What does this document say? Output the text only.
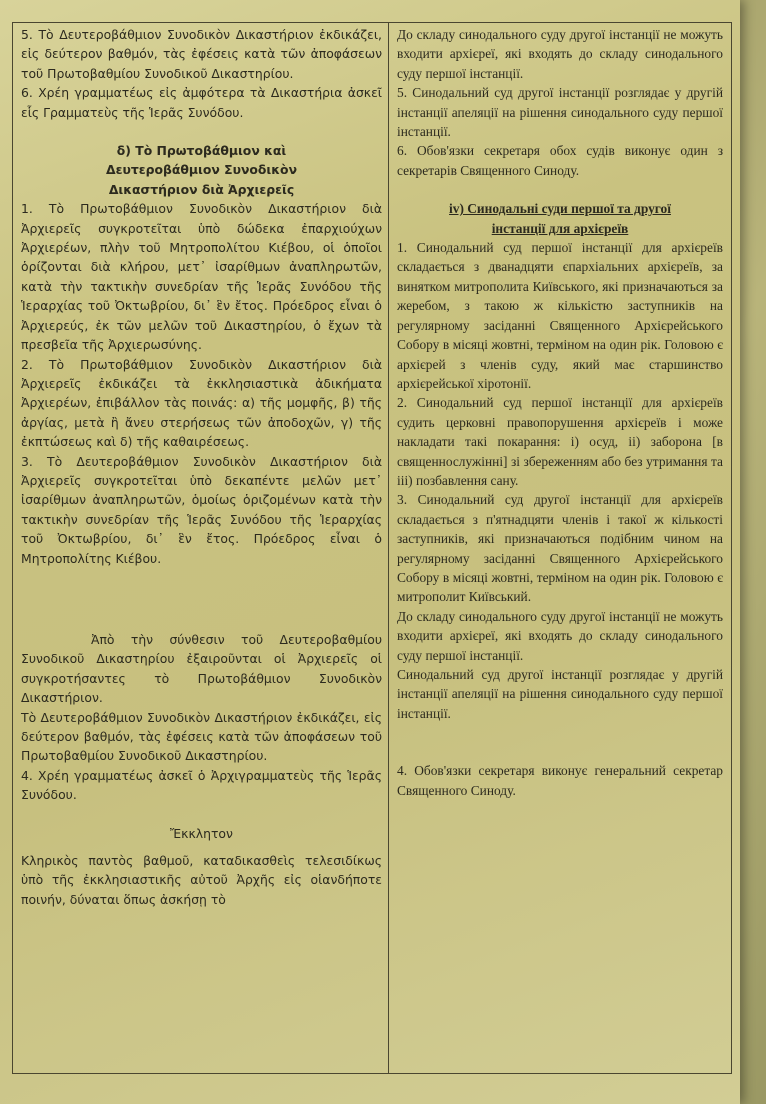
5. Τὸ Δευτεροβάθμιον Συνοδικὸν Δικαστήριον ἐκδικάζει, εἰς δεύτερον βαθμόν, τὰς ἐφέσεις κατὰ τῶν ἀποφάσεων τοῦ Πρωτοβαθμίου Συνοδικοῦ Δικαστηρίου.

6. Χρέη γραμματέως εἰς ἀμφότερα τὰ Δικαστήρια ἀσκεῖ εἷς Γραμματεὺς τῆς Ἱερᾶς Συνόδου.

δ) Τὸ Πρωτοβάθμιον καὶ Δευτεροβάθμιον Συνοδικὸν Δικαστήριον διὰ Ἀρχιερεῖς

1. Τὸ Πρωτοβάθμιον Συνοδικὸν Δικαστήριον διὰ Ἀρχιερεῖς συγκροτεῖται ὑπὸ δώδεκα ἐπαρχιούχων Ἀρχιερέων, πλὴν τοῦ Μητροπολίτου Κιέβου, οἱ ὁποῖοι ὁρίζονται διὰ κλήρου, μετ᾽ ἰσαρίθμων ἀναπληρωτῶν, κατὰ τὴν τακτικὴν συνεδρίαν τῆς Ἱερᾶς Συνόδου τῆς Ἱεραρχίας τοῦ Ὀκτωβρίου, δι᾽ ἓν ἔτος. Πρόεδρος εἶναι ὁ Ἀρχιερεύς, ἐκ τῶν μελῶν τοῦ Δικαστηρίου, ὁ ἔχων τὰ πρεσβεῖα τῆς Ἀρχιερωσύνης.

2. Τὸ Πρωτοβάθμιον Συνοδικὸν Δικαστήριον διὰ Ἀρχιερεῖς ἐκδικάζει τὰ ἐκκλησιαστικὰ ἀδικήματα Ἀρχιερέων, ἐπιβάλλον τὰς ποινάς: α) τῆς μομφῆς, β) τῆς ἀργίας, μετὰ ἢ ἄνευ στερήσεως τῶν ἀποδοχῶν, γ) τῆς ἐκπτώσεως καὶ δ) τῆς καθαιρέσεως.

3. Τὸ Δευτεροβάθμιον Συνοδικὸν Δικαστήριον διὰ Ἀρχιερεῖς συγκροτεῖται ὑπὸ δεκαπέντε μελῶν μετ᾽ ἰσαρίθμων ἀναπληρωτῶν, ὁμοίως ὁριζομένων κατὰ τὴν τακτικὴν συνεδρίαν τῆς Ἱερᾶς Συνόδου τῆς Ἱεραρχίας τοῦ Ὀκτωβρίου, δι᾽ ἓν ἔτος. Πρόεδρος εἶναι ὁ Μητροπολίτης Κιέβου.

Ἀπὸ τὴν σύνθεσιν τοῦ Δευτεροβαθμίου Συνοδικοῦ Δικαστηρίου ἐξαιροῦνται οἱ Ἀρχιερεῖς οἱ συγκροτήσαντες τὸ Πρωτοβάθμιον Συνοδικὸν Δικαστήριον.

Τὸ Δευτεροβάθμιον Συνοδικὸν Δικαστήριον ἐκδικάζει, εἰς δεύτερον βαθμόν, τὰς ἐφέσεις κατὰ τῶν ἀποφάσεων τοῦ Πρωτοβαθμίου Συνοδικοῦ Δικαστηρίου.

4. Χρέη γραμματέως ἀσκεῖ ὁ Ἀρχιγραμματεὺς τῆς Ἱερᾶς Συνόδου.

Ἔκκλητον

Κληρικὸς παντὸς βαθμοῦ, καταδικασθεὶς τελεσιδίκως ὑπὸ τῆς ἐκκλησιαστικῆς αὐτοῦ Ἀρχῆς εἰς οἱανδήποτε ποινήν, δύναται ὅπως ἀσκήσῃ τὸ

До складу синодального суду другої інстанції не можуть входити архієреї, які входять до складу синодального суду першої інстанції.

5. Синодальний суд другої інстанції розглядає у другій інстанції апеляції на рішення синодального суду першої інстанції.

6. Обов'язки секретаря обох судів виконує один з секретарів Священного Синоду.

iv) Синодальні суди першої та другої інстанції для архієреїв

1. Синодальний суд першої інстанції для архієреїв складається з дванадцяти єпархіальних архієреїв, за винятком митрополита Київського, які призначаються за жеребом, з такою ж кількістю заступників на регулярному засіданні Священного Архієрейського Собору в місяці жовтні, терміном на один рік. Головою є архієрей з членів суду, який має старшинство архієрейської хіротонії.

2. Синодальний суд першої інстанції для архієреїв судить церковні правопорушення архієреїв і може накладати такі покарання: і) осуд, іі) заборона [в священнослужінні] зі збереженням або без утримання та ііі) позбавлення сану.

3. Синодальний суд другої інстанції для архієреїв складається з п'ятнадцяти членів і такої ж кількості заступників, які призначаються подібним чином на регулярному засіданні Священного Архієрейського Собору в місяці жовтні, терміном на один рік. Головою є митрополит Київський.

До складу синодального суду другої інстанції не можуть входити архієреї, які входять до складу синодального суду першої інстанції.

Синодальний суд другої інстанції розглядає у другій інстанції апеляції на рішення синодального суду першої інстанції.

4. Обов'язки секретаря виконує генеральний секретар Священного Синоду.
